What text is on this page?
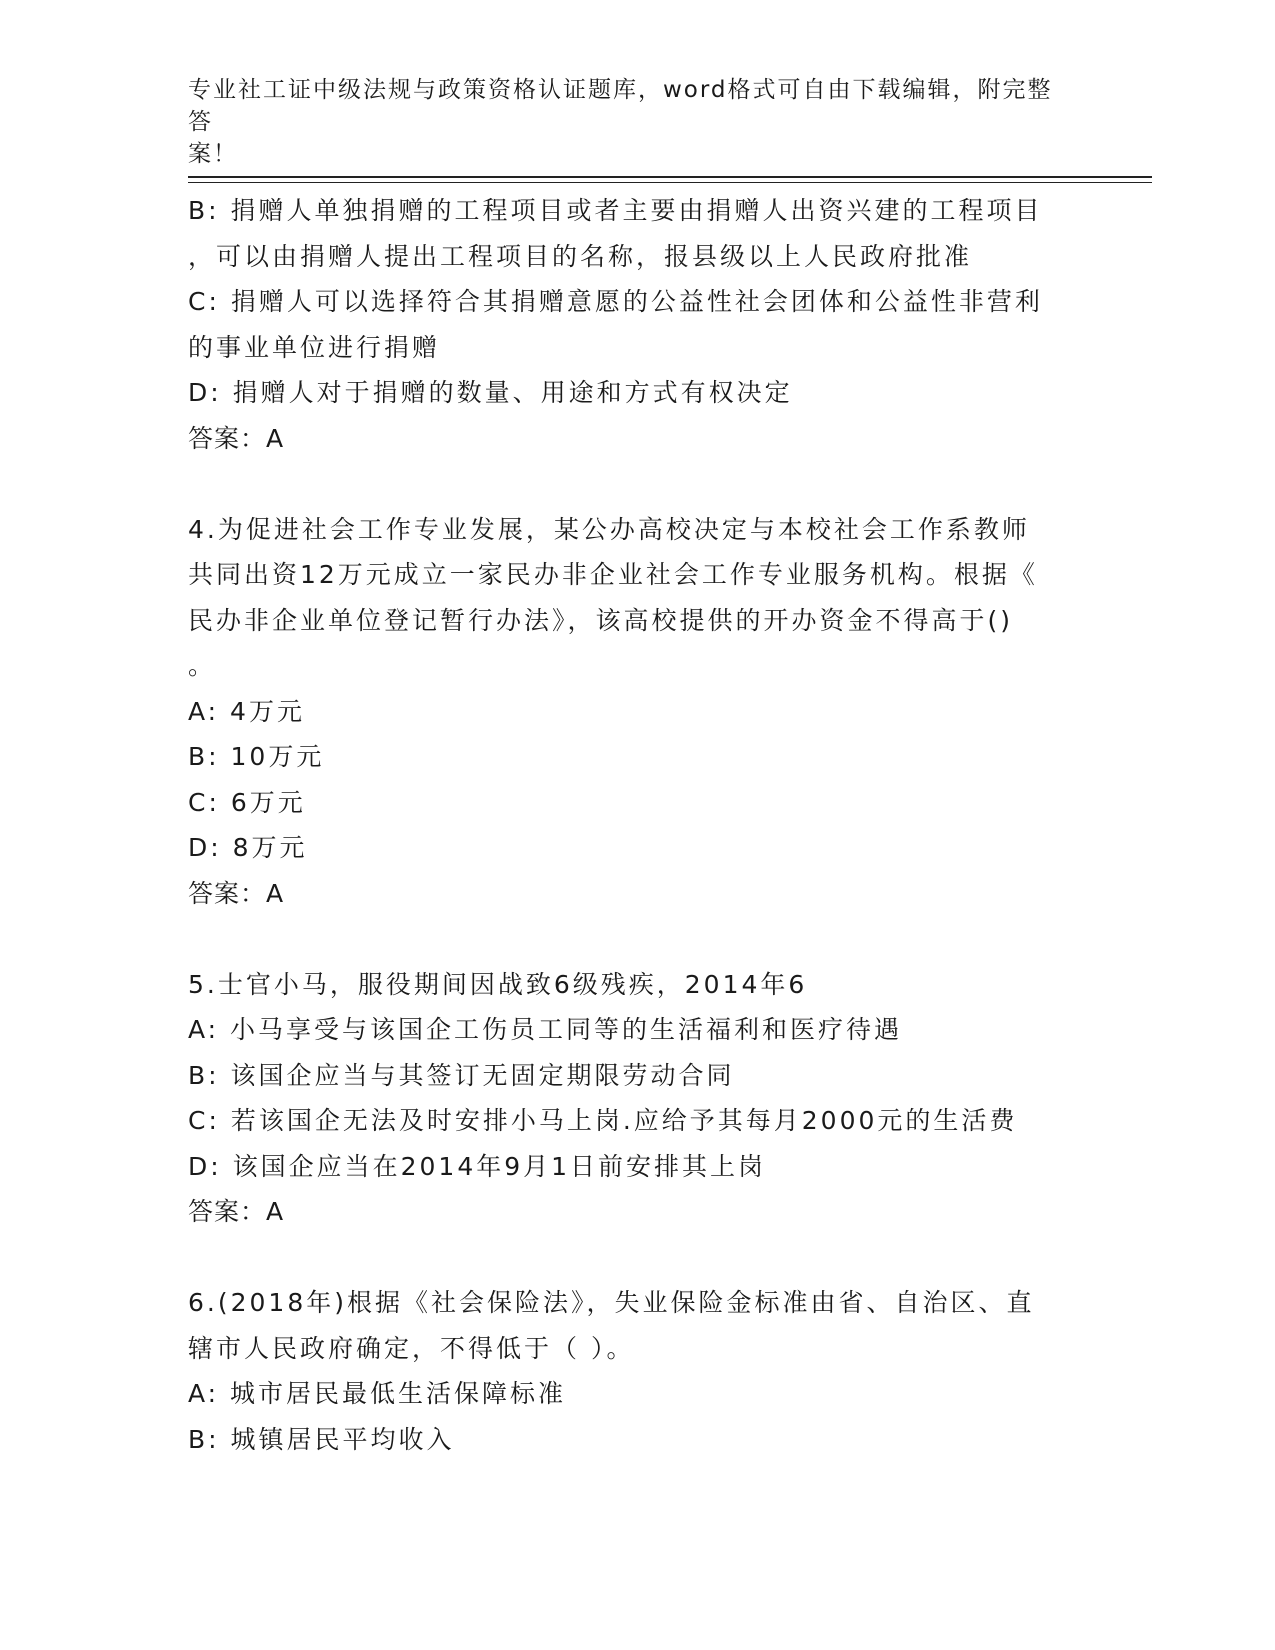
专业社工证中级法规与政策资格认证题库，word格式可自由下载编辑，附完整答
案！
B: 捐赠人单独捐赠的工程项目或者主要由捐赠人出资兴建的工程项目
，可以由捐赠人提出工程项目的名称，报县级以上人民政府批准
C: 捐赠人可以选择符合其捐赠意愿的公益性社会团体和公益性非营利
的事业单位进行捐赠
D: 捐赠人对于捐赠的数量、用途和方式有权决定
答案：A
4.为促进社会工作专业发展，某公办高校决定与本校社会工作系教师
共同出资12万元成立一家民办非企业社会工作专业服务机构。根据《
民办非企业单位登记暂行办法》，该高校提供的开办资金不得高于()
。
A: 4万元
B: 10万元
C: 6万元
D: 8万元
答案：A
5.士官小马，服役期间因战致6级残疾，2014年6
A: 小马享受与该国企工伤员工同等的生活福利和医疗待遇
B: 该国企应当与其签订无固定期限劳动合同
C: 若该国企无法及时安排小马上岗.应给予其每月2000元的生活费
D: 该国企应当在2014年9月1日前安排其上岗
答案：A
6.(2018年)根据《社会保险法》，失业保险金标准由省、自治区、直
辖市人民政府确定，不得低于（ ）。
A: 城市居民最低生活保障标准
B: 城镇居民平均收入
